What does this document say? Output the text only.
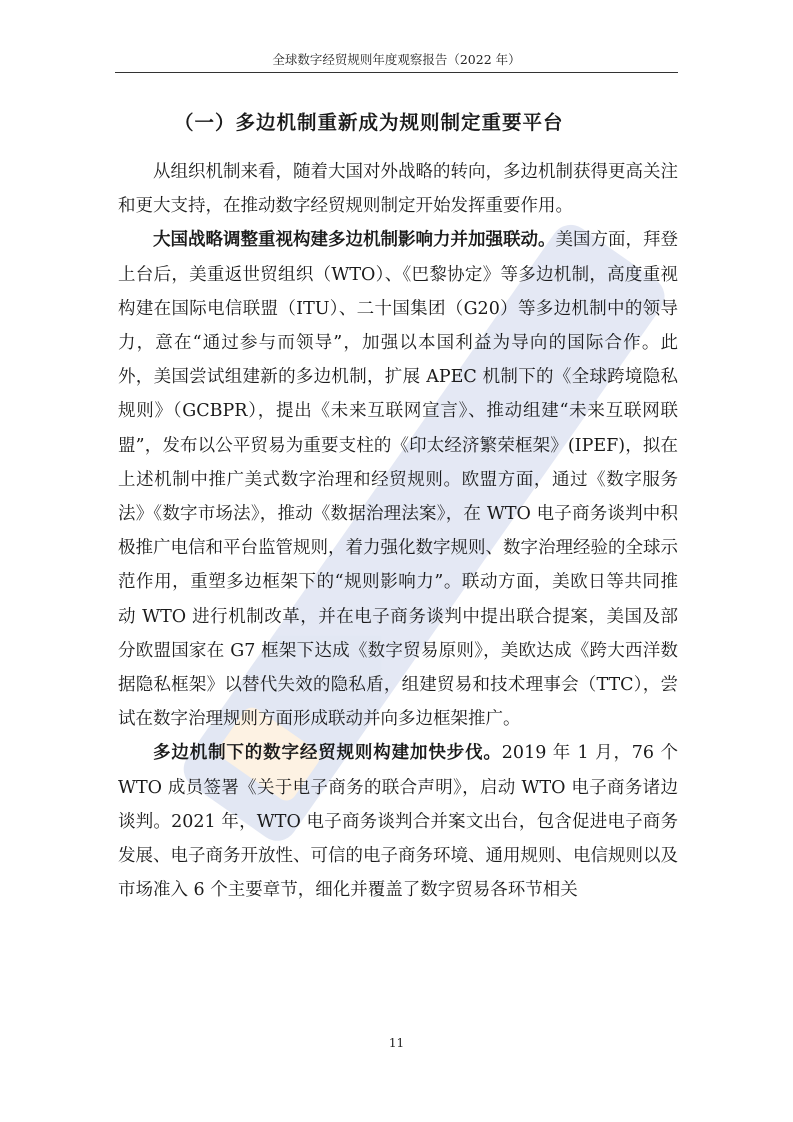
全球数字经贸规则年度观察报告（2022 年）
（一）多边机制重新成为规则制定重要平台

从组织机制来看，随着大国对外战略的转向，多边机制获得更高关注和更大支持，在推动数字经贸规则制定开始发挥重要作用。

大国战略调整重视构建多边机制影响力并加强联动。美国方面，拜登上台后，美重返世贸组织（WTO）、《巴黎协定》等多边机制，高度重视构建在国际电信联盟（ITU）、二十国集团（G20）等多边机制中的领导力，意在“通过参与而领导”，加强以本国利益为导向的国际合作。此外，美国尝试组建新的多边机制，扩展 APEC 机制下的《全球跨境隐私规则》（GCBPR），提出《未来互联网宣言》、推动组建“未来互联网联盟”，发布以公平贸易为重要支柱的《印太经济繁荣框架》(IPEF)，拟在上述机制中推广美式数字治理和经贸规则。欧盟方面，通过《数字服务法》《数字市场法》，推动《数据治理法案》，在 WTO 电子商务谈判中积极推广电信和平台监管规则，着力强化数字规则、数字治理经验的全球示范作用，重塑多边框架下的“规则影响力”。联动方面，美欧日等共同推动 WTO 进行机制改革，并在电子商务谈判中提出联合提案，美国及部分欧盟国家在 G7 框架下达成《数字贸易原则》，美欧达成《跨大西洋数据隐私框架》以替代失效的隐私盾，组建贸易和技术理事会（TTC），尝试在数字治理规则方面形成联动并向多边框架推广。

多边机制下的数字经贸规则构建加快步伐。2019 年 1 月，76 个 WTO 成员签署《关于电子商务的联合声明》，启动 WTO 电子商务诸边谈判。2021 年，WTO 电子商务谈判合并案文出台，包含促进电子商务发展、电子商务开放性、可信的电子商务环境、通用规则、电信规则以及市场准入 6 个主要章节，细化并覆盖了数字贸易各环节相关

11
